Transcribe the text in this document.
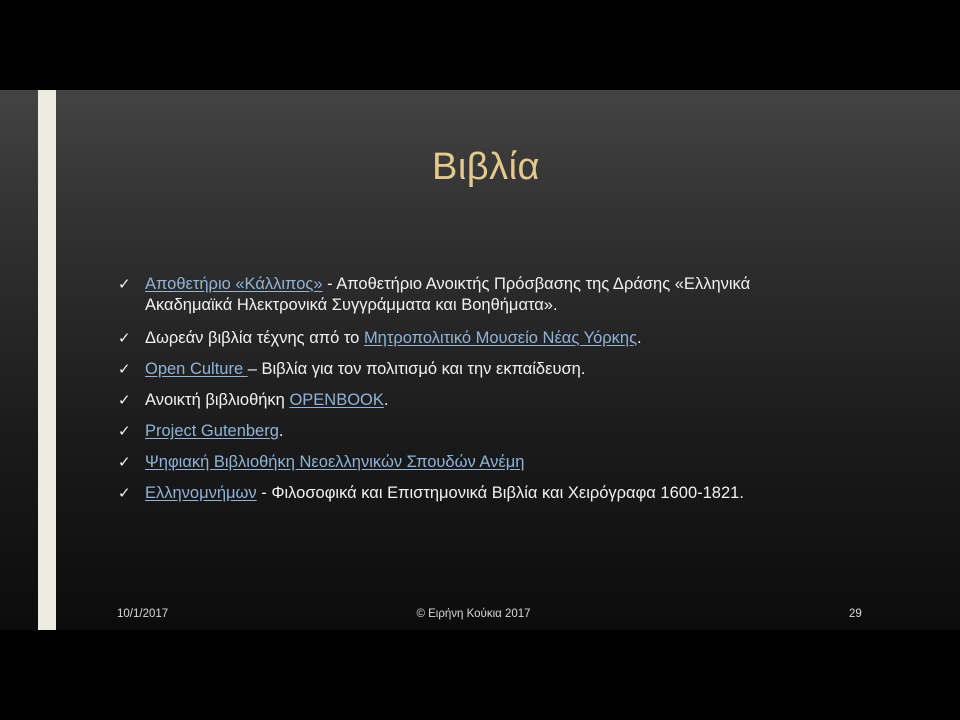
Βιβλία
✓ Αποθετήριο «Κάλλιπος» - Αποθετήριο Ανοικτής Πρόσβασης της Δράσης «Ελληνικά Ακαδημαϊκά Ηλεκτρονικά Συγγράμματα και Βοηθήματα».
✓ Δωρεάν βιβλία τέχνης από το Μητροπολιτικό Μουσείο Νέας Υόρκης.
✓ Open Culture – Βιβλία για τον πολιτισμό και την εκπαίδευση.
✓ Ανοικτή βιβλιοθήκη OPENBOOK.
✓ Project Gutenberg.
✓ Ψηφιακή Βιβλιοθήκη Νεοελληνικών Σπουδών Ανέμη
✓ Ελληνομνήμων - Φιλοσοφικά και Επιστημονικά Βιβλία και Χειρόγραφα 1600-1821.
10/1/2017	© Ειρήνη Κούκια 2017	29
